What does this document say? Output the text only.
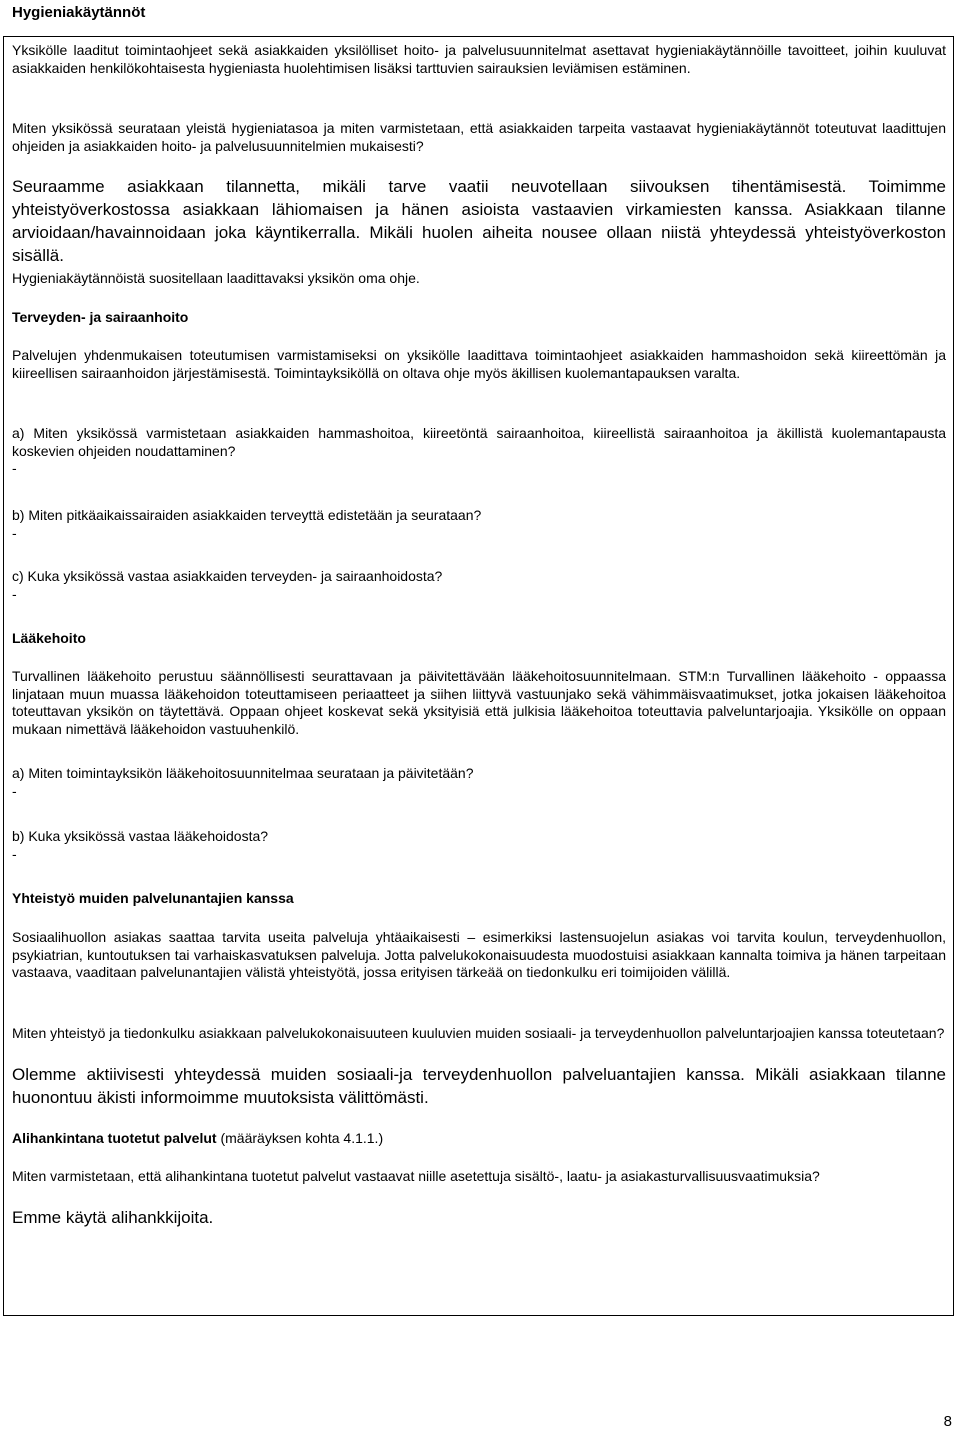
Hygieniakäytännöt

Yksikölle laaditut toimintaohjeet sekä asiakkaiden yksilölliset hoito- ja palvelusuunnitelmat asettavat hygieniakäytännöille tavoitteet, joihin kuuluvat asiakkaiden henkilökohtaisesta hygieniasta huolehtimisen lisäksi tarttuvien sairauksien leviämisen estäminen.

Miten yksikössä seurataan yleistä hygieniatasoa ja miten varmistetaan, että asiakkaiden tarpeita vastaavat hygieniakäytännöt toteutuvat laadittujen ohjeiden ja asiakkaiden hoito- ja palvelusuunnitelmien mukaisesti?

Seuraamme asiakkaan tilannetta, mikäli tarve vaatii neuvotellaan siivouksen tihentämisestä. Toimimme yhteistyöverkostossa asiakkaan lähiomaisen ja hänen asioista vastaavien virkamiesten kanssa. Asiakkaan tilanne arvioidaan/havainnoidaan joka käyntikerralla. Mikäli huolen aiheita nousee ollaan niistä yhteydessä yhteistyöverkoston sisällä.

Hygieniakäytännöistä suositellaan laadittavaksi yksikön oma ohje.

Terveyden- ja sairaanhoito

Palvelujen yhdenmukaisen toteutumisen varmistamiseksi on yksikölle laadittava toimintaohjeet asiakkaiden hammashoidon sekä kiireettömän ja kiireellisen sairaanhoidon järjestämisestä. Toimintayksiköllä on oltava ohje myös äkillisen kuolemantapauksen varalta.

a) Miten yksikössä varmistetaan asiakkaiden hammashoitoa, kiireetöntä sairaanhoitoa, kiireellistä sairaanhoitoa ja äkillistä kuolemantapausta koskevien ohjeiden noudattaminen?

-

b) Miten pitkäaikaissairaiden asiakkaiden terveyttä edistetään ja seurataan?

-

c) Kuka yksikössä vastaa asiakkaiden terveyden- ja sairaanhoidosta?

-

Lääkehoito

Turvallinen lääkehoito perustuu säännöllisesti seurattavaan ja päivitettävään lääkehoitosuunnitelmaan. STM:n Turvallinen lääkehoito - oppaassa linjataan muun muassa lääkehoidon toteuttamiseen periaatteet ja siihen liittyvä vastuunjako sekä vähimmäisvaatimukset, jotka jokaisen lääkehoitoa toteuttavan yksikön on täytettävä. Oppaan ohjeet koskevat sekä yksityisiä että julkisia lääkehoitoa toteuttavia palveluntarjoajia. Yksikölle on oppaan mukaan nimettävä lääkehoidon vastuuhenkilö.

a) Miten toimintayksikön lääkehoitosuunnitelmaa seurataan ja päivitetään?

-

b) Kuka yksikössä vastaa lääkehoidosta?

-

Yhteistyö muiden palvelunantajien kanssa

Sosiaalihuollon asiakas saattaa tarvita useita palveluja yhtäaikaisesti – esimerkiksi lastensuojelun asiakas voi tarvita koulun, terveydenhuollon, psykiatrian, kuntoutuksen tai varhaiskasvatuksen palveluja. Jotta palvelukokonaisuudesta muodostuisi asiakkaan kannalta toimiva ja hänen tarpeitaan vastaava, vaaditaan palvelunantajien välistä yhteistyötä, jossa erityisen tärkeää on tiedonkulku eri toimijoiden välillä.

Miten yhteistyö ja tiedonkulku asiakkaan palvelukokonaisuuteen kuuluvien muiden sosiaali- ja terveydenhuollon palveluntarjoajien kanssa toteutetaan?

Olemme aktiivisesti yhteydessä muiden sosiaali-ja terveydenhuollon palveluantajien kanssa. Mikäli asiakkaan tilanne huonontuu äkisti informoimme muutoksista välittömästi.

Alihankintana tuotetut palvelut (määräyksen kohta 4.1.1.)

Miten varmistetaan, että alihankintana tuotetut palvelut vastaavat niille asetettuja sisältö-, laatu- ja asiakasturvallisuusvaatimuksia?

Emme käytä alihankkijoita.

8
